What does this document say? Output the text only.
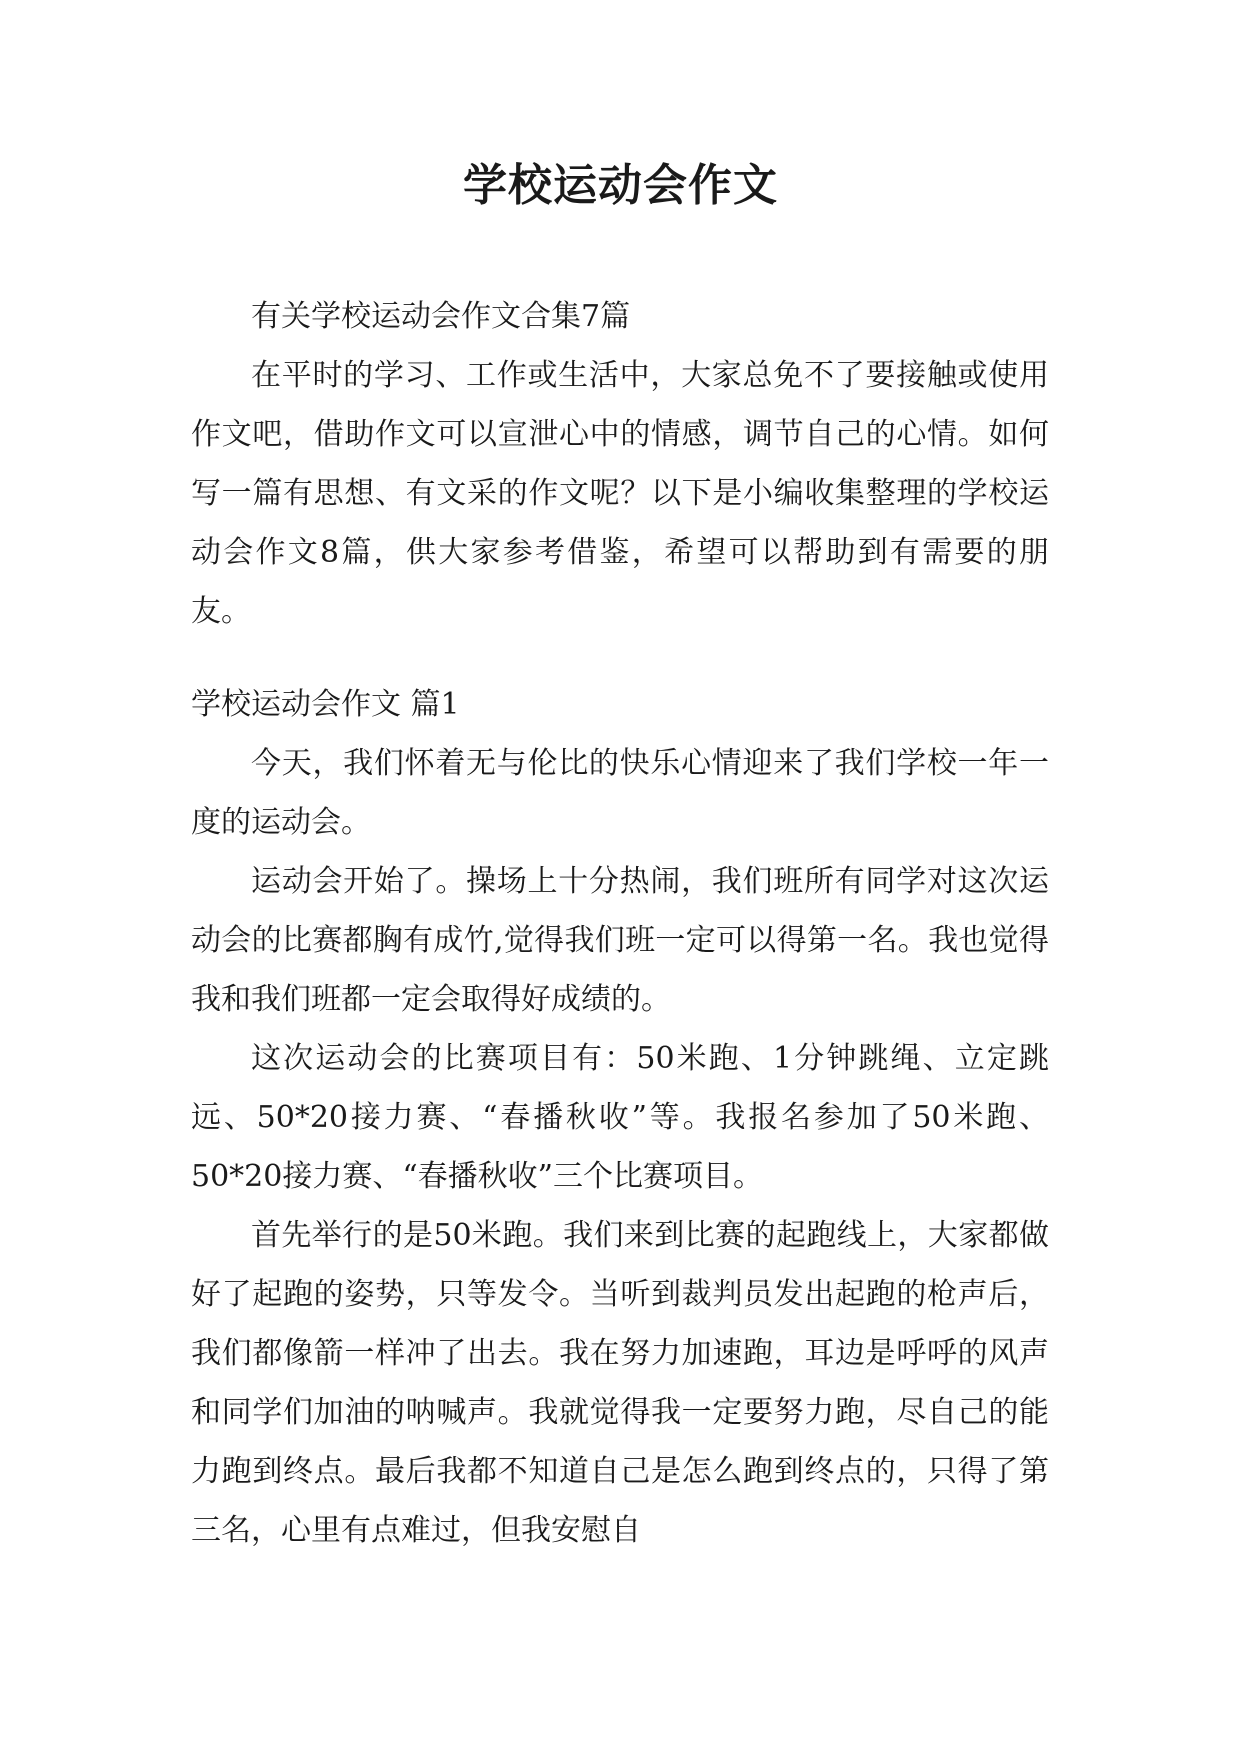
学校运动会作文

有关学校运动会作文合集7篇

在平时的学习、工作或生活中，大家总免不了要接触或使用作文吧，借助作文可以宣泄心中的情感，调节自己的心情。如何写一篇有思想、有文采的作文呢？以下是小编收集整理的学校运动会作文8篇，供大家参考借鉴，希望可以帮助到有需要的朋友。

学校运动会作文 篇1

今天，我们怀着无与伦比的快乐心情迎来了我们学校一年一度的运动会。

运动会开始了。操场上十分热闹，我们班所有同学对这次运动会的比赛都胸有成竹,觉得我们班一定可以得第一名。我也觉得我和我们班都一定会取得好成绩的。

这次运动会的比赛项目有：50米跑、1分钟跳绳、立定跳远、50*20接力赛、“春播秋收”等。我报名参加了50米跑、50*20接力赛、“春播秋收”三个比赛项目。

首先举行的是50米跑。我们来到比赛的起跑线上，大家都做好了起跑的姿势，只等发令。当听到裁判员发出起跑的枪声后，我们都像箭一样冲了出去。我在努力加速跑，耳边是呼呼的风声和同学们加油的呐喊声。我就觉得我一定要努力跑，尽自己的能力跑到终点。最后我都不知道自己是怎么跑到终点的，只得了第三名，心里有点难过，但我安慰自
